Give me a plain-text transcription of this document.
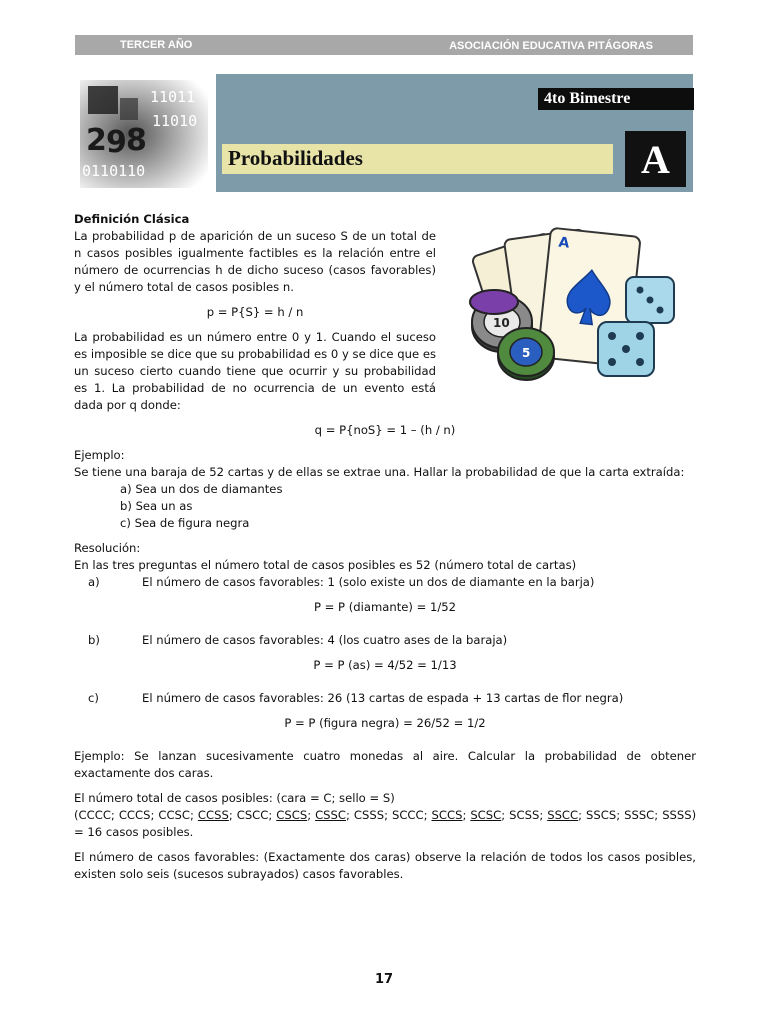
TERCER AÑO	ASOCIACIÓN EDUCATIVA PITÁGORAS
11011
11010
0110110
2 9 8
4to Bimestre
Probabilidades	A
A
10
5

Definición Clásica

La probabilidad p de aparición de un suceso S de un total de n casos posibles igualmente factibles es la relación entre el número de ocurrencias h de dicho suceso (casos favorables) y el número total de casos posibles n.

p = P{S} = h / n

La probabilidad es un número entre 0 y 1. Cuando el suceso es imposible se dice que su probabilidad es 0 y se dice que es un suceso cierto cuando tiene que ocurrir y su probabilidad es 1. La probabilidad de no ocurrencia de un evento está dada por q donde:

q = P{noS} = 1 – (h / n)

Ejemplo:

Se tiene una baraja de 52 cartas y de ellas se extrae una. Hallar la probabilidad de que la carta extraída:

a) Sea un dos de diamantes

b) Sea un as

c) Sea de figura negra

Resolución:

En las tres preguntas el número total de casos posibles es 52 (número total de cartas)

a)	El número de casos favorables: 1 (solo existe un dos de diamante en la barja)

P = P (diamante) = 1/52

b)	El número de casos favorables: 4 (los cuatro ases de la baraja)

P = P (as) = 4/52 = 1/13

c)	El número de casos favorables: 26 (13 cartas de espada + 13 cartas de flor negra)

P = P (figura negra) = 26/52 = 1/2

Ejemplo: Se lanzan sucesivamente cuatro monedas al aire. Calcular la probabilidad de obtener exactamente dos caras.

El número total de casos posibles: (cara = C; sello = S)

(CCCC; CCCS; CCSC; CCSS; CSCC; CSCS; CSSC; CSSS; SCCC; SCCS; SCSC; SCSS; SSCC; SSCS; SSSC; SSSS) = 16 casos posibles.

El número de casos favorables: (Exactamente dos caras) observe la relación de todos los casos posibles, existen solo seis (sucesos subrayados) casos favorables.

17
